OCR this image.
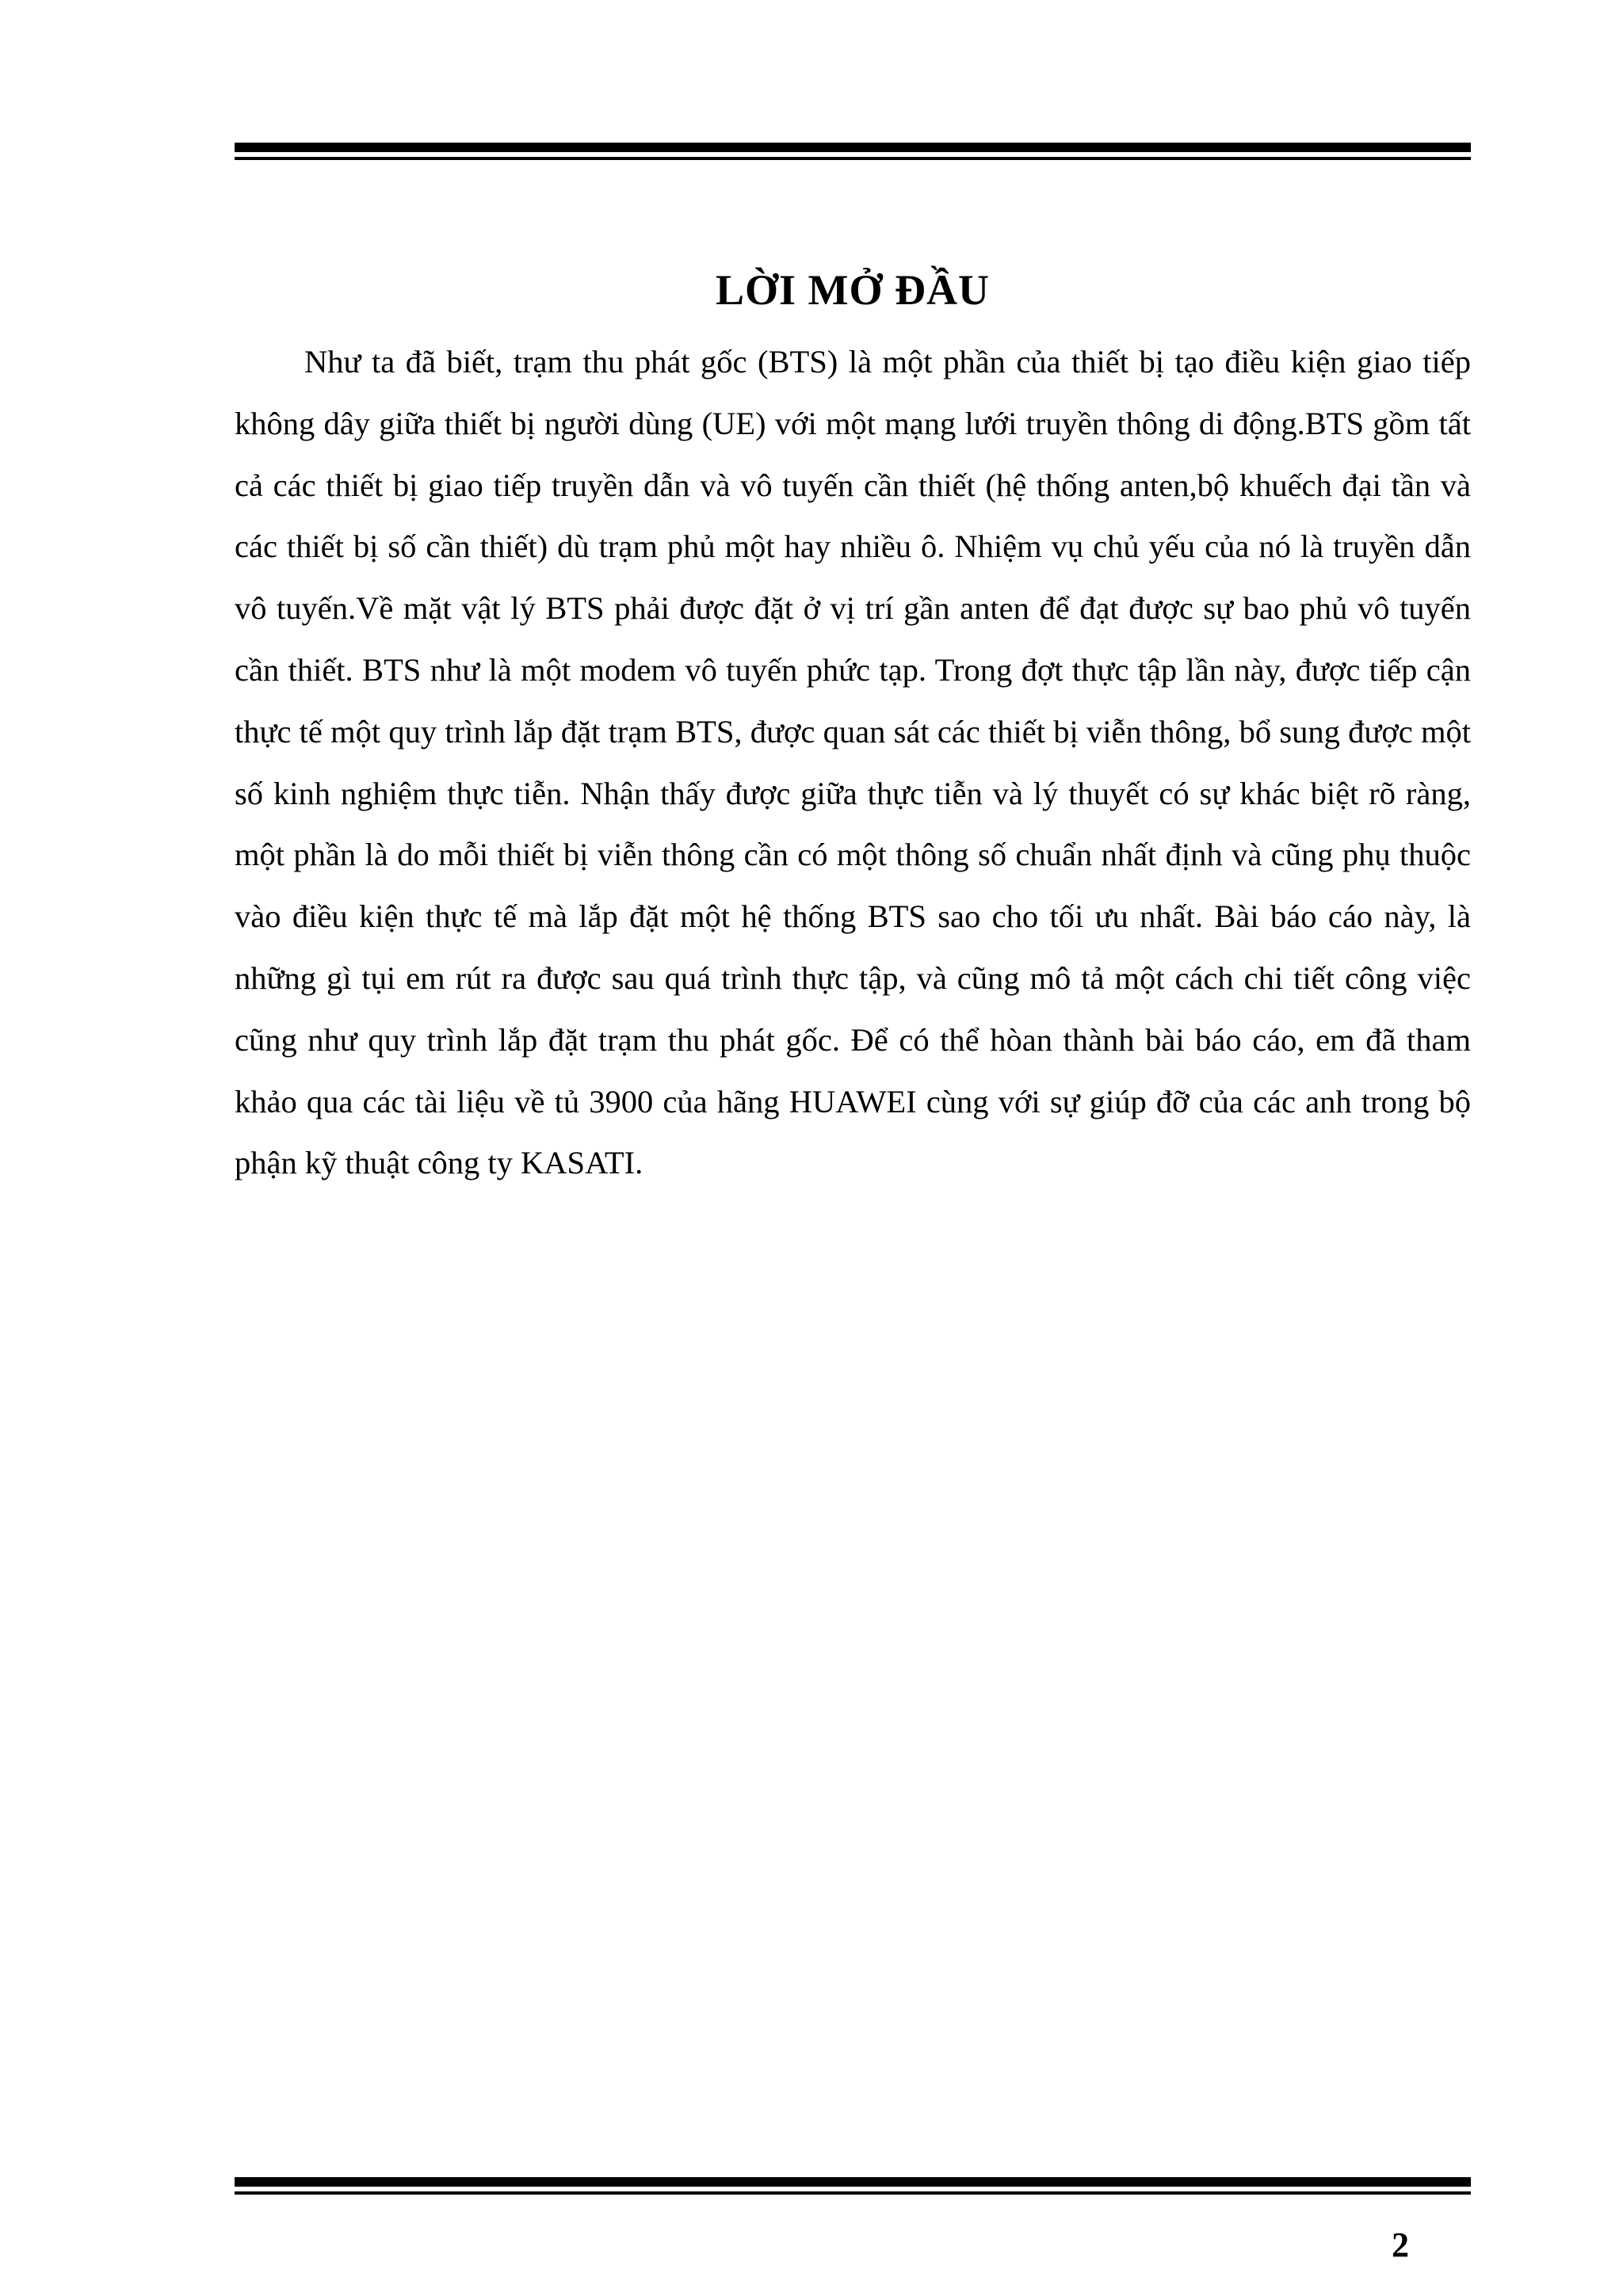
LỜI MỞ ĐẦU

Như ta đã biết, trạm thu phát gốc (BTS) là một phần của thiết bị tạo điều kiện giao tiếp không dây giữa thiết bị người dùng (UE) với một mạng lưới truyền thông di động.BTS gồm tất cả các thiết bị giao tiếp truyền dẫn và vô tuyến cần thiết (hệ thống anten,bộ khuếch đại tần và các thiết bị số cần thiết) dù trạm phủ một hay nhiều ô. Nhiệm vụ chủ yếu của nó là truyền dẫn vô tuyến.Về mặt vật lý BTS phải được đặt ở vị trí gần anten để đạt được sự bao phủ vô tuyến cần thiết. BTS như là một modem vô tuyến phức tạp. Trong đợt thực tập lần này, được tiếp cận thực tế một quy trình lắp đặt trạm BTS, được quan sát các thiết bị viễn thông, bổ sung được một số kinh nghiệm thực tiễn. Nhận thấy được giữa thực tiễn và lý thuyết có sự khác biệt rõ ràng, một phần là do mỗi thiết bị viễn thông cần có một thông số chuẩn nhất định và cũng phụ thuộc vào điều kiện thực tế mà lắp đặt một hệ thống BTS sao cho tối ưu nhất. Bài báo cáo này, là những gì tụi em rút ra được sau quá trình thực tập, và cũng mô tả một cách chi tiết công việc cũng như quy trình lắp đặt trạm thu phát gốc. Để có thể hòan thành bài báo cáo, em đã tham khảo qua các tài liệu về tủ 3900 của hãng HUAWEI cùng với sự giúp đỡ của các anh trong bộ phận kỹ thuật công ty KASATI.

2
